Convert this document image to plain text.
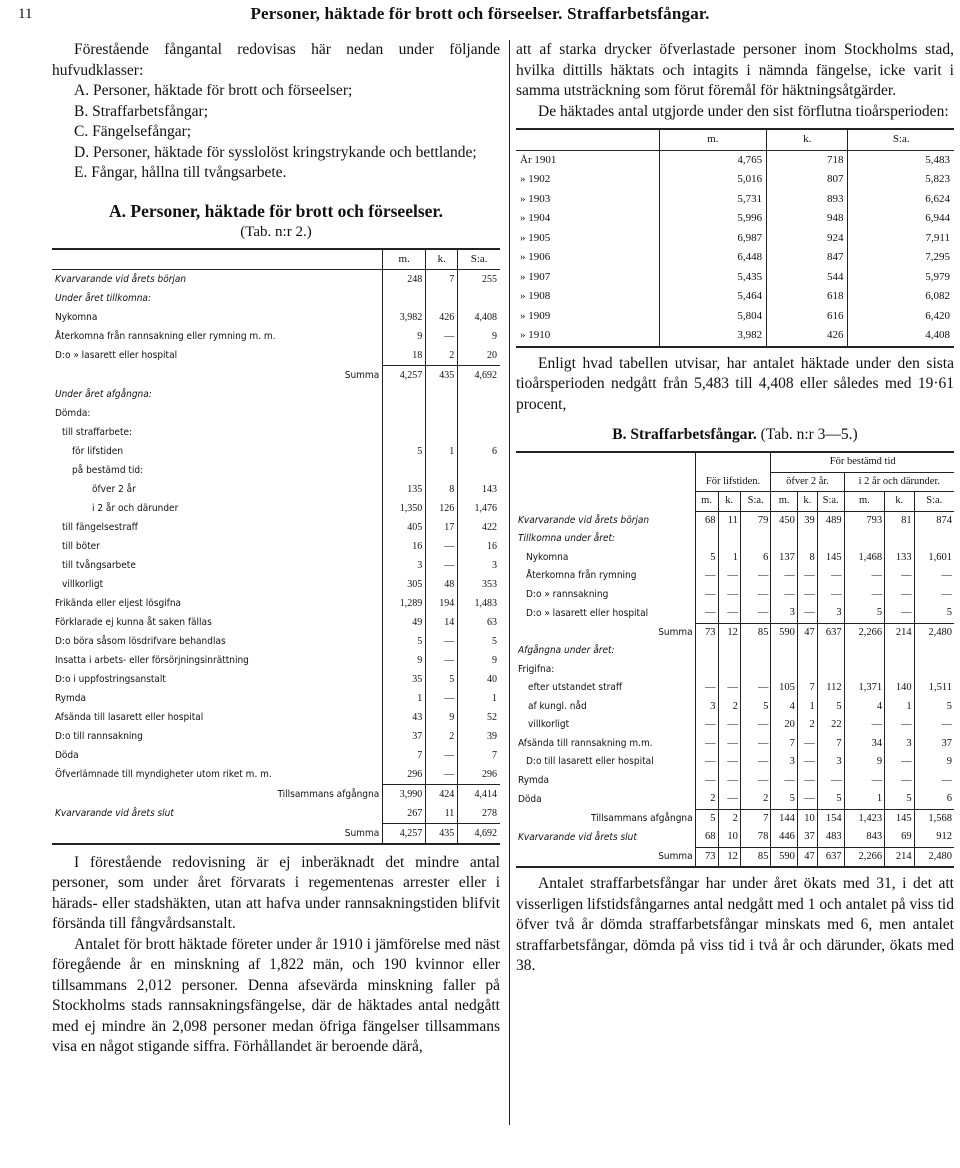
11	Personer, häktade för brott och förseelser. Straffarbetsfångar.

Förestående fångantal redovisas här nedan under följande hufvudklasser:

A. Personer, häktade för brott och förseelser;
B. Straffarbetsfångar;
C. Fängelsefångar;
D. Personer, häktade för sysslolöst kringstrykande och bettlande;
E. Fångar, hållna till tvångsarbete.
A. Personer, häktade för brott och förseelser.
(Tab. n:r 2.)
	m.	k.	S:a.
Kvarvarande vid årets början	248	7	255
Under året tillkomna:			
Nykomna	3,982	426	4,408
Återkomna från rannsakning eller rymning m. m.	9	—	9
D:o » lasarett eller hospital	18	2	20
Summa	4,257	435	4,692
Under året afgångna:			
Dömda:			
till straffarbete:			
för lifstiden	5	1	6
på bestämd tid:			
öfver 2 år	135	8	143
i 2 år och därunder	1,350	126	1,476
till fängelsestraff	405	17	422
till böter	16	—	16
till tvångsarbete	3	—	3
villkorligt	305	48	353
Frikända eller eljest lösgifna	1,289	194	1,483
Förklarade ej kunna åt saken fällas	49	14	63
D:o böra såsom lösdrifvare behandlas	5	—	5
Insatta i arbets- eller försörjningsinrättning	9	—	9
D:o i uppfostringsanstalt	35	5	40
Rymda	1	—	1
Afsända till lasarett eller hospital	43	9	52
D:o till rannsakning	37	2	39
Döda	7	—	7
Öfverlämnade till myndigheter utom riket m. m.	296	—	296
Tillsammans afgångna	3,990	424	4,414
Kvarvarande vid årets slut	267	11	278
Summa	4,257	435	4,692

I förestående redovisning är ej inberäknadt det mindre antal personer, som under året förvarats i regementenas arrester eller i härads- eller stadshäkten, utan att hafva under rannsakningstiden blifvit försända till fångvårdsanstalt.

Antalet för brott häktade företer under år 1910 i jämförelse med näst föregående år en minskning af 1,822 män, och 190 kvinnor eller tillsammans 2,012 personer. Denna afsevärda minskning faller på Stockholms stads rannsakningsfängelse, där de häktades antal nedgått med ej mindre än 2,098 personer medan öfriga fängelser tillsammans visa en något stigande siffra. Förhållandet är beroende därå,

att af starka drycker öfverlastade personer inom Stockholms stad, hvilka dittills häktats och intagits i nämnda fängelse, icke varit i samma utsträckning som förut föremål för häktningsåtgärder.

De häktades antal utgjorde under den sist förflutna tioårsperioden:

	m.	k.	S:a.
År 1901	4,765	718	5,483
» 1902	5,016	807	5,823
» 1903	5,731	893	6,624
» 1904	5,996	948	6,944
» 1905	6,987	924	7,911
» 1906	6,448	847	7,295
» 1907	5,435	544	5,979
» 1908	5,464	618	6,082
» 1909	5,804	616	6,420
» 1910	3,982	426	4,408

Enligt hvad tabellen utvisar, har antalet häktade under den sista tioårsperioden nedgått från 5,483 till 4,408 eller således med 19·61 procent,

B. Straffarbetsfångar. (Tab. n:r 3—5.)
	För lifstiden.			För bestämd tid					
				öfver 2 år.			i 2 år och därunder.		
	m.	k.	S:a.	m.	k.	S:a.	m.	k.	S:a.
Kvarvarande vid årets början	68	11	79	450	39	489	793	81	874
Tillkomna under året:									
Nykomna	5	1	6	137	8	145	1,468	133	1,601
Återkomna från rymning	—	—	—	—	—	—	—	—	—
D:o » rannsakning	—	—	—	—	—	—	—	—	—
D:o » lasarett eller hospital	—	—	—	3	—	3	5	—	5
Summa	73	12	85	590	47	637	2,266	214	2,480
Afgångna under året:									
Frigifna:									
efter utstandet straff	—	—	—	105	7	112	1,371	140	1,511
af kungl. nåd	3	2	5	4	1	5	4	1	5
villkorligt	—	—	—	20	2	22	—	—	—
Afsända till rannsakning m.m.	—	—	—	7	—	7	34	3	37
D:o till lasarett eller hospital	—	—	—	3	—	3	9	—	9
Rymda	—	—	—	—	—	—	—	—	—
Döda	2	—	2	5	—	5	1	5	6
Tillsammans afgångna	5	2	7	144	10	154	1,423	145	1,568
Kvarvarande vid årets slut	68	10	78	446	37	483	843	69	912
Summa	73	12	85	590	47	637	2,266	214	2,480

Antalet straffarbetsfångar har under året ökats med 31, i det att visserligen lifstidsfångarnes antal nedgått med 1 och antalet på viss tid öfver två år dömda straffarbetsfångar minskats med 6, men antalet straffarbetsfångar, dömda på viss tid i två år och därunder, ökats med 38.
